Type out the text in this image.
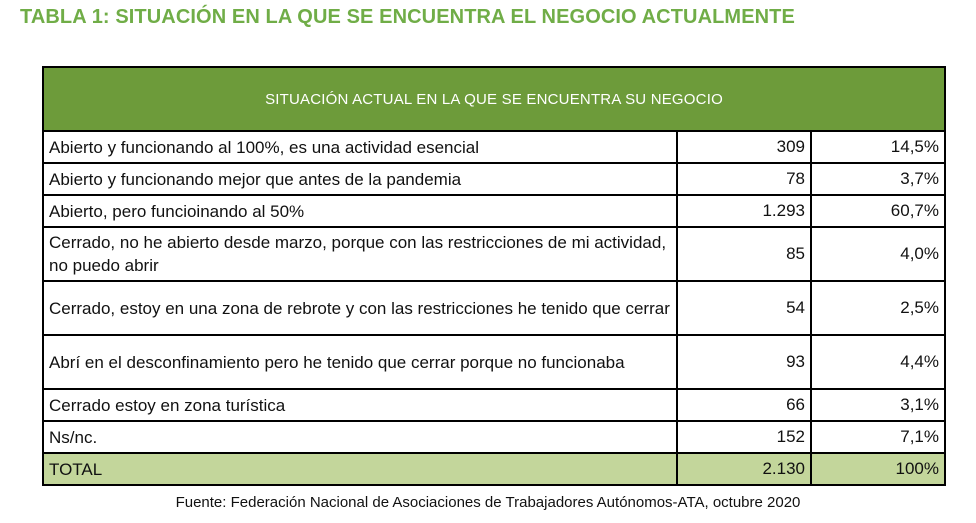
TABLA 1: SITUACIÓN EN LA QUE SE ENCUENTRA EL NEGOCIO ACTUALMENTE
SITUACIÓN ACTUAL EN LA QUE SE ENCUENTRA SU NEGOCIO		
Abierto y funcionando al 100%, es una actividad esencial	309	14,5%
Abierto y funcionando mejor que antes de la pandemia	78	3,7%
Abierto, pero funcioinando al 50%	1.293	60,7%
Cerrado, no he abierto desde marzo, porque con las restricciones de mi actividad, no puedo abrir	85	4,0%
Cerrado, estoy en una zona de rebrote y con las restricciones he tenido que cerrar	54	2,5%
Abrí en el desconfinamiento pero he tenido que cerrar porque no funcionaba	93	4,4%
Cerrado estoy en zona turística	66	3,1%
Ns/nc.	152	7,1%
TOTAL	2.130	100%
Fuente: Federación Nacional de Asociaciones de Trabajadores Autónomos-ATA, octubre 2020
